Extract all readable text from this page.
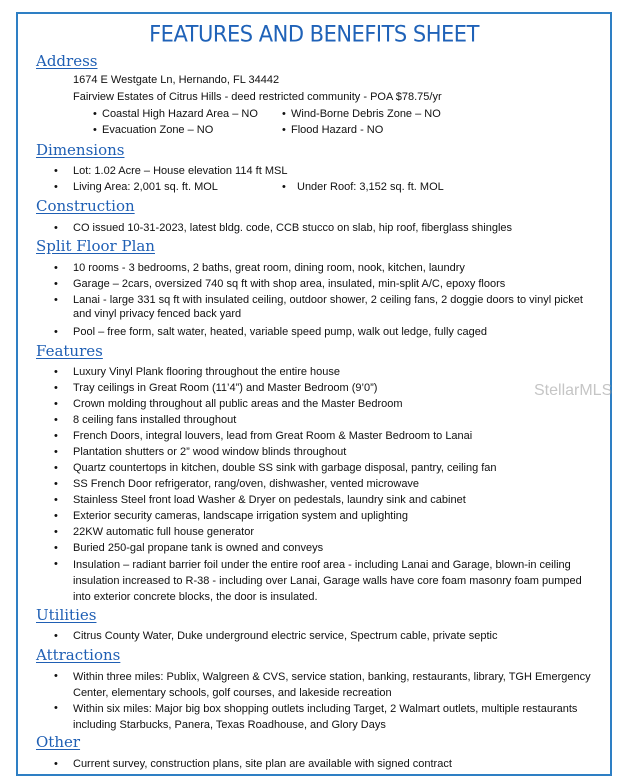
FEATURES AND BENEFITS SHEET
Address
1674 E Westgate Ln, Hernando, FL 34442
Fairview Estates of Citrus Hills - deed restricted community - POA $78.75/yr
• Coastal High Hazard Area – NO • Wind-Borne Debris Zone – NO
• Evacuation Zone – NO	• Flood Hazard - NO
Dimensions
• Lot: 1.02 Acre – House elevation 114 ft MSL
• Living Area: 2,001 sq. ft. MOL	• Under Roof: 3,152 sq. ft. MOL
Construction
• CO issued 10-31-2023, latest bldg. code, CCB stucco on slab, hip roof, fiberglass shingles
Split Floor Plan
• 10 rooms - 3 bedrooms, 2 baths, great room, dining room, nook, kitchen, laundry
• Garage – 2cars, oversized 740 sq ft with shop area, insulated, min-split A/C, epoxy floors
• Lanai - large 331 sq ft with insulated ceiling, outdoor shower, 2 ceiling fans, 2 doggie doors to vinyl picket and vinyl privacy fenced back yard
• Pool – free form, salt water, heated, variable speed pump, walk out ledge, fully caged
Features
• Luxury Vinyl Plank flooring throughout the entire house
• Tray ceilings in Great Room (11’4”) and Master Bedroom (9’0”)
• Crown molding throughout all public areas and the Master Bedroom
• 8 ceiling fans installed throughout
• French Doors, integral louvers, lead from Great Room & Master Bedroom to Lanai
• Plantation shutters or 2” wood window blinds throughout
• Quartz countertops in kitchen, double SS sink with garbage disposal, pantry, ceiling fan
• SS French Door refrigerator, rang/oven, dishwasher, vented microwave
• Stainless Steel front load Washer & Dryer on pedestals, laundry sink and cabinet
• Exterior security cameras, landscape irrigation system and uplighting
• 22KW automatic full house generator
• Buried 250-gal propane tank is owned and conveys
• Insulation – radiant barrier foil under the entire roof area - including Lanai and Garage, blown-in ceiling insulation increased to R-38 - including over Lanai, Garage walls have core foam masonry foam pumped into exterior concrete blocks, the door is insulated.
Utilities
• Citrus County Water, Duke underground electric service, Spectrum cable, private septic
Attractions
• Within three miles: Publix, Walgreen & CVS, service station, banking, restaurants, library, TGH Emergency Center, elementary schools, golf courses, and lakeside recreation
• Within six miles: Major big box shopping outlets including Target, 2 Walmart outlets, multiple restaurants including Starbucks, Panera, Texas Roadhouse, and Glory Days
Other
• Current survey, construction plans, site plan are available with signed contract
StellarMLS
